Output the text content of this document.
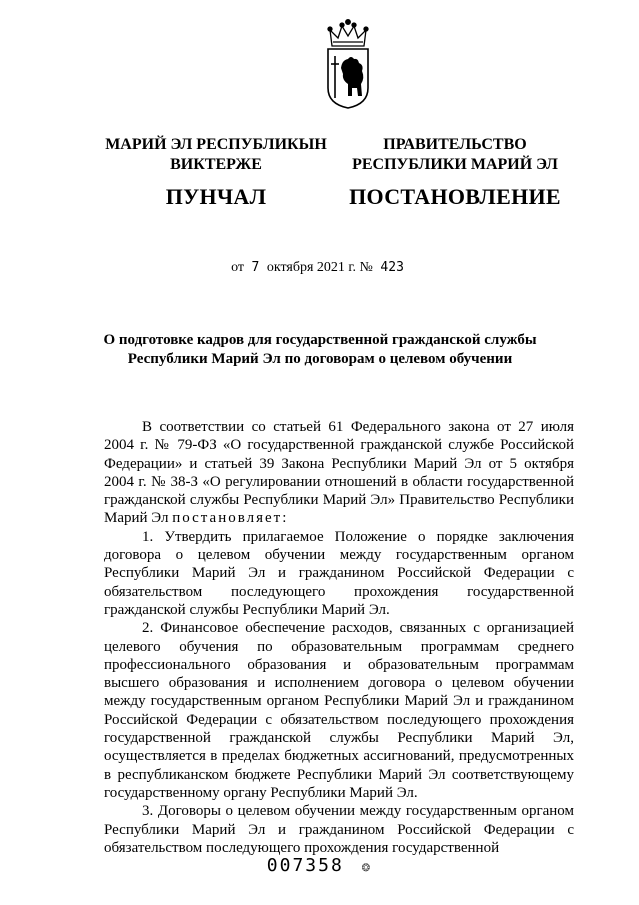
МАРИЙ ЭЛ РЕСПУБЛИКЫН
ВИКТЕРЖЕ
ПУНЧАЛ
ПРАВИТЕЛЬСТВО
РЕСПУБЛИКИ МАРИЙ ЭЛ
ПОСТАНОВЛЕНИЕ
от 7 октября 2021 г. № 423
О подготовке кадров для государственной гражданской службы
Республики Марий Эл по договорам о целевом обучении

В соответствии со статьей 61 Федерального закона от 27 июля 2004 г. № 79-ФЗ «О государственной гражданской службе Российской Федерации» и статьей 39 Закона Республики Марий Эл от 5 октября 2004 г. № 38-З «О регулировании отношений в области государственной гражданской службы Республики Марий Эл» Правительство Республики Марий Эл постановляет:

1. Утвердить прилагаемое Положение о порядке заключения договора о целевом обучении между государственным органом Республики Марий Эл и гражданином Российской Федерации с обязательством последующего прохождения государственной гражданской службы Республики Марий Эл.

2. Финансовое обеспечение расходов, связанных с организацией целевого обучения по образовательным программам среднего профессионального образования и образовательным программам высшего образования и исполнением договора о целевом обучении между государственным органом Республики Марий Эл и гражданином Российской Федерации с обязательством последующего прохождения государственной гражданской службы Республики Марий Эл, осуществляется в пределах бюджетных ассигнований, предусмотренных в республиканском бюджете Республики Марий Эл соответствующему государственному органу Республики Марий Эл.

3. Договоры о целевом обучении между государственным органом Республики Марий Эл и гражданином Российской Федерации с обязательством последующего прохождения государственной

007358 ❂
